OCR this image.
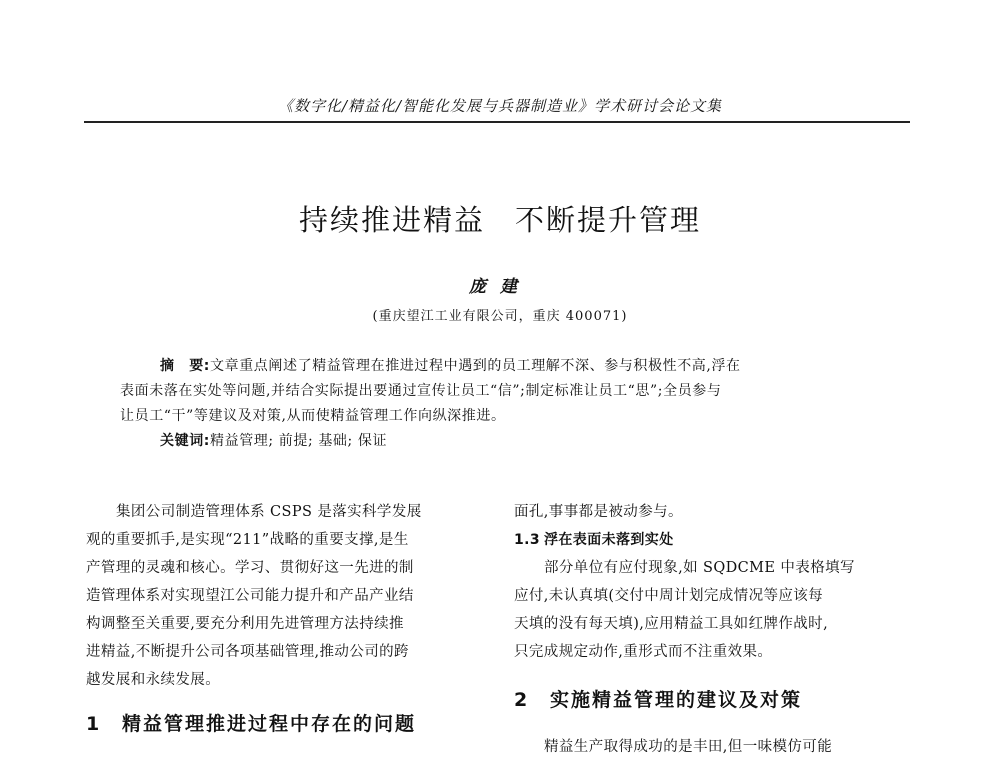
《数字化/精益化/智能化发展与兵器制造业》学术研讨会论文集
持续推进精益 不断提升管理
庞建
(重庆望江工业有限公司，重庆 400071)
摘　要:文章重点阐述了精益管理在推进过程中遇到的员工理解不深、参与积极性不高,浮在
表面未落在实处等问题,并结合实际提出要通过宣传让员工“信”;制定标准让员工“思”;全员参与
让员工“干”等建议及对策,从而使精益管理工作向纵深推进。
关键词:精益管理; 前提; 基础; 保证
集团公司制造管理体系 CSPS 是落实科学发展
观的重要抓手,是实现“211”战略的重要支撑,是生
产管理的灵魂和核心。学习、贯彻好这一先进的制
造管理体系对实现望江公司能力提升和产品产业结
构调整至关重要,要充分利用先进管理方法持续推
进精益,不断提升公司各项基础管理,推动公司的跨
越发展和永续发展。
1 精益管理推进过程中存在的问题
面孔,事事都是被动参与。
1.3 浮在表面未落到实处
部分单位有应付现象,如 SQDCME 中表格填写
应付,未认真填(交付中周计划完成情况等应该每
天填的没有每天填),应用精益工具如红牌作战时,
只完成规定动作,重形式而不注重效果。
2 实施精益管理的建议及对策
精益生产取得成功的是丰田,但一味模仿可能
